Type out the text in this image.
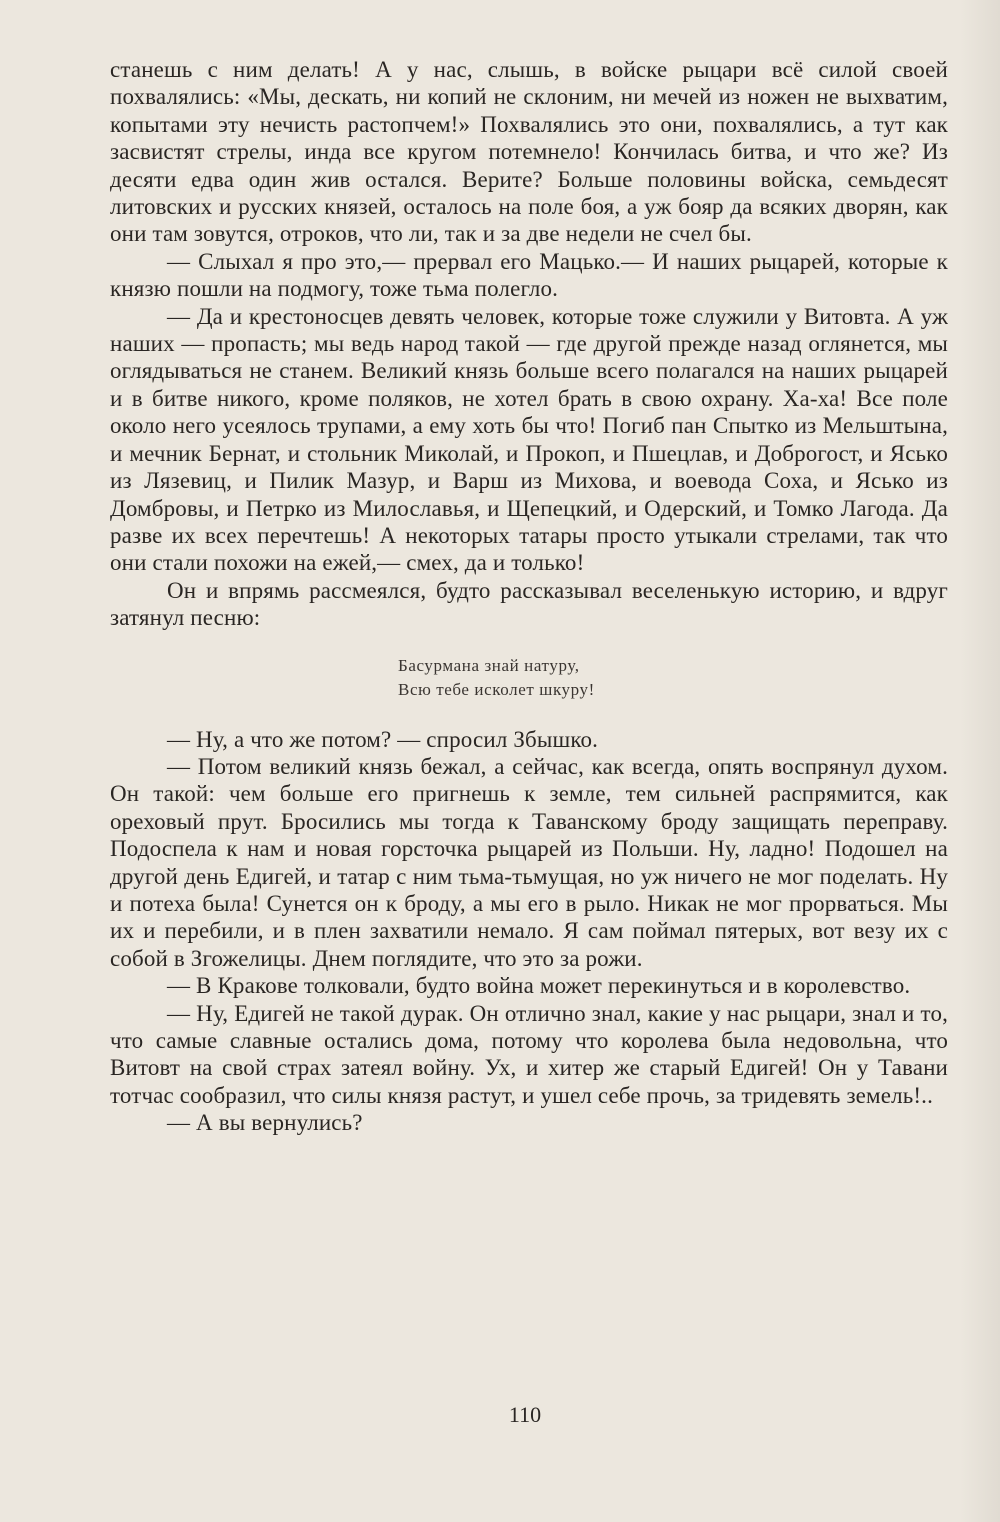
станешь с ним делать! А у нас, слышь, в войске рыцари всё силой своей похвалялись: «Мы, дескать, ни копий не склоним, ни мечей из ножен не выхватим, копытами эту нечисть растопчем!» Похвалялись это они, похвалялись, а тут как засвистят стрелы, инда все кругом потемнело! Кончилась битва, и что же? Из десяти едва один жив остался. Верите? Больше половины войска, семьдесят литовских и русских князей, осталось на поле боя, а уж бояр да всяких дворян, как они там зовутся, отроков, что ли, так и за две недели не счел бы.

— Слыхал я про это,— прервал его Мацько.— И наших рыцарей, которые к князю пошли на подмогу, тоже тьма полегло.

— Да и крестоносцев девять человек, которые тоже служили у Витовта. А уж наших — пропасть; мы ведь народ такой — где другой прежде назад оглянется, мы оглядываться не станем. Великий князь больше всего полагался на наших рыцарей и в битве никого, кроме поляков, не хотел брать в свою охрану. Ха-ха! Все поле около него усеялось трупами, а ему хоть бы что! Погиб пан Спытко из Мельштына, и мечник Бернат, и стольник Миколай, и Прокоп, и Пшецлав, и Доброгост, и Ясько из Лязевиц, и Пилик Мазур, и Варш из Михова, и воевода Соха, и Ясько из Домбровы, и Петрко из Милославья, и Щепецкий, и Одерский, и Томко Лагода. Да разве их всех перечтешь! А некоторых татары просто утыкали стрелами, так что они стали похожи на ежей,— смех, да и только!

Он и впрямь рассмеялся, будто рассказывал веселенькую историю, и вдруг затянул песню:

Басурмана знай натуру,
Всю тебе исколет шкуру!

— Ну, а что же потом? — спросил Збышко.

— Потом великий князь бежал, а сейчас, как всегда, опять воспрянул духом. Он такой: чем больше его пригнешь к земле, тем сильней распрямится, как ореховый прут. Бросились мы тогда к Таванскому броду защищать переправу. Подоспела к нам и новая горсточка рыцарей из Польши. Ну, ладно! Подошел на другой день Едигей, и татар с ним тьма-тьмущая, но уж ничего не мог поделать. Ну и потеха была! Сунется он к броду, а мы его в рыло. Никак не мог прорваться. Мы их и перебили, и в плен захватили немало. Я сам поймал пятерых, вот везу их с собой в Згожелицы. Днем поглядите, что это за рожи.

— В Кракове толковали, будто война может перекинуться и в королевство.

— Ну, Едигей не такой дурак. Он отлично знал, какие у нас рыцари, знал и то, что самые славные остались дома, потому что королева была недовольна, что Витовт на свой страх затеял войну. Ух, и хитер же старый Едигей! Он у Тавани тотчас сообразил, что силы князя растут, и ушел себе прочь, за тридевять земель!..

— А вы вернулись?

110
